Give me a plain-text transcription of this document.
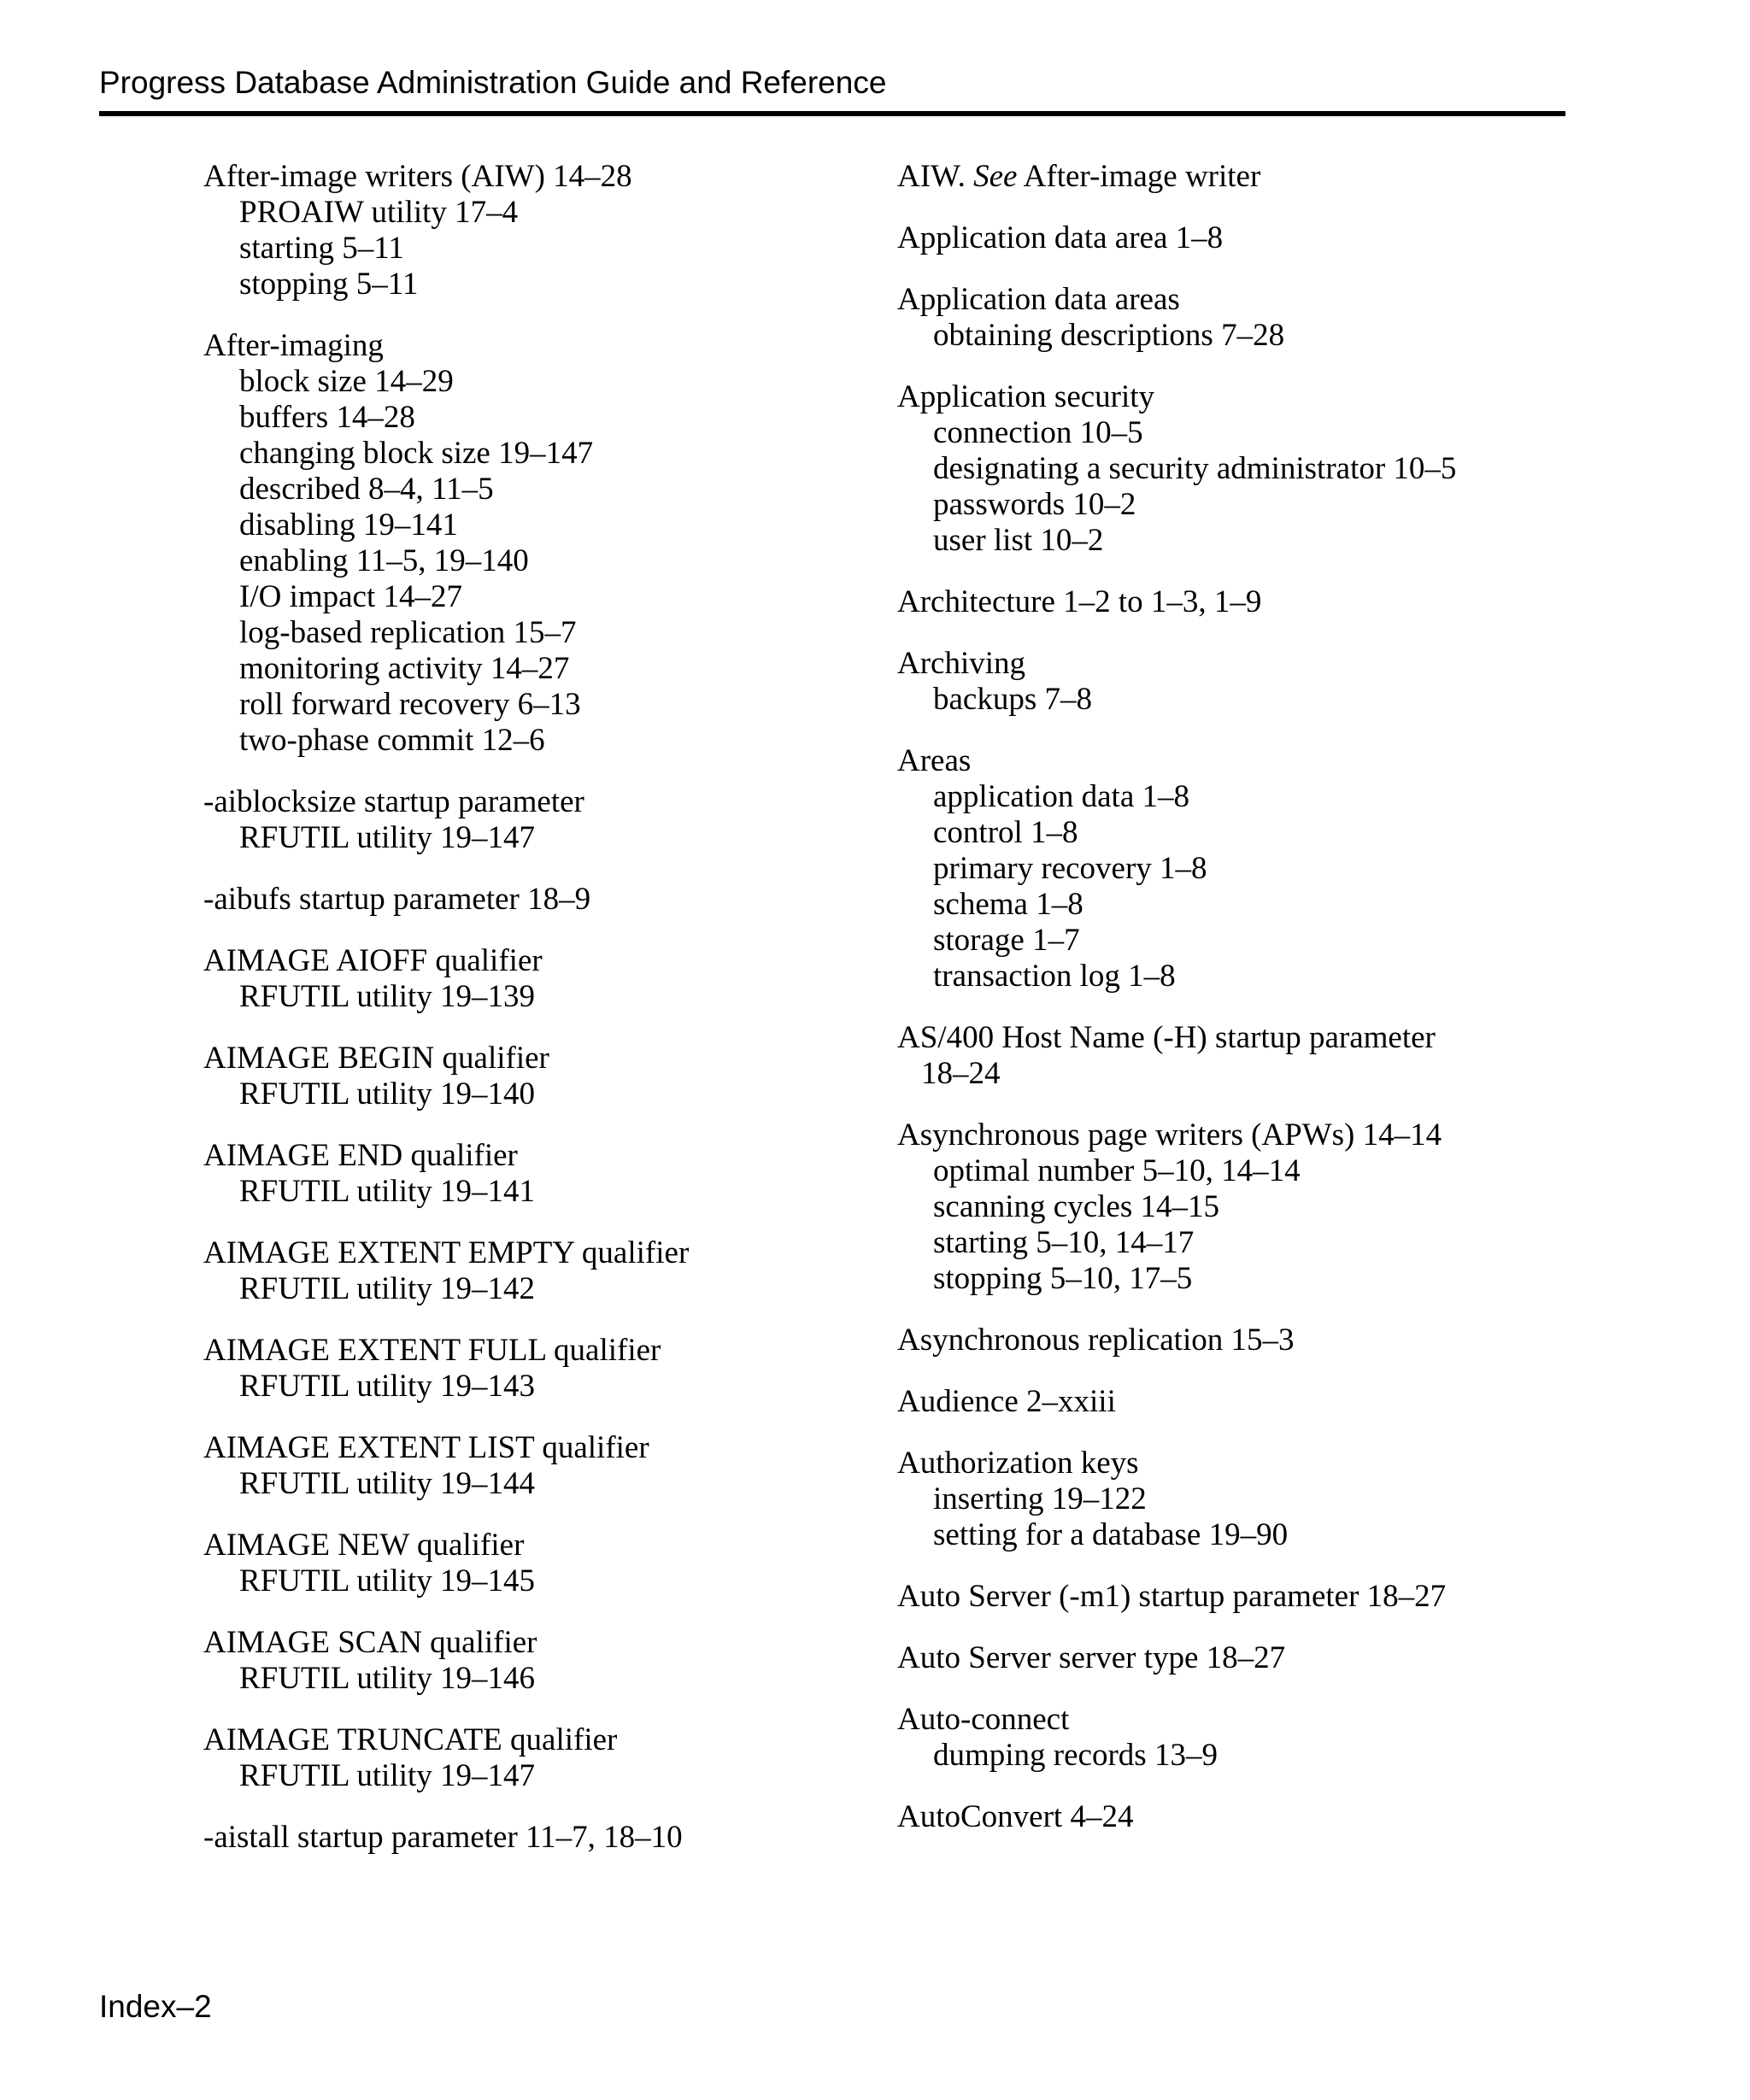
Progress Database Administration Guide and Reference
After-image writers (AIW) 14–28
PROAIW utility 17–4
starting 5–11
stopping 5–11
After-imaging
block size 14–29
buffers 14–28
changing block size 19–147
described 8–4, 11–5
disabling 19–141
enabling 11–5, 19–140
I/O impact 14–27
log-based replication 15–7
monitoring activity 14–27
roll forward recovery 6–13
two-phase commit 12–6
-aiblocksize startup parameter
RFUTIL utility 19–147
-aibufs startup parameter 18–9
AIMAGE AIOFF qualifier
RFUTIL utility 19–139
AIMAGE BEGIN qualifier
RFUTIL utility 19–140
AIMAGE END qualifier
RFUTIL utility 19–141
AIMAGE EXTENT EMPTY qualifier
RFUTIL utility 19–142
AIMAGE EXTENT FULL qualifier
RFUTIL utility 19–143
AIMAGE EXTENT LIST qualifier
RFUTIL utility 19–144
AIMAGE NEW qualifier
RFUTIL utility 19–145
AIMAGE SCAN qualifier
RFUTIL utility 19–146
AIMAGE TRUNCATE qualifier
RFUTIL utility 19–147
-aistall startup parameter 11–7, 18–10
AIW. See After-image writer
Application data area 1–8
Application data areas
obtaining descriptions 7–28
Application security
connection 10–5
designating a security administrator 10–5
passwords 10–2
user list 10–2
Architecture 1–2 to 1–3, 1–9
Archiving
backups 7–8
Areas
application data 1–8
control 1–8
primary recovery 1–8
schema 1–8
storage 1–7
transaction log 1–8
AS/400 Host Name (-H) startup parameter
18–24
Asynchronous page writers (APWs) 14–14
optimal number 5–10, 14–14
scanning cycles 14–15
starting 5–10, 14–17
stopping 5–10, 17–5
Asynchronous replication 15–3
Audience 2–xxiii
Authorization keys
inserting 19–122
setting for a database 19–90
Auto Server (-m1) startup parameter 18–27
Auto Server server type 18–27
Auto-connect
dumping records 13–9
AutoConvert 4–24
Index–2
